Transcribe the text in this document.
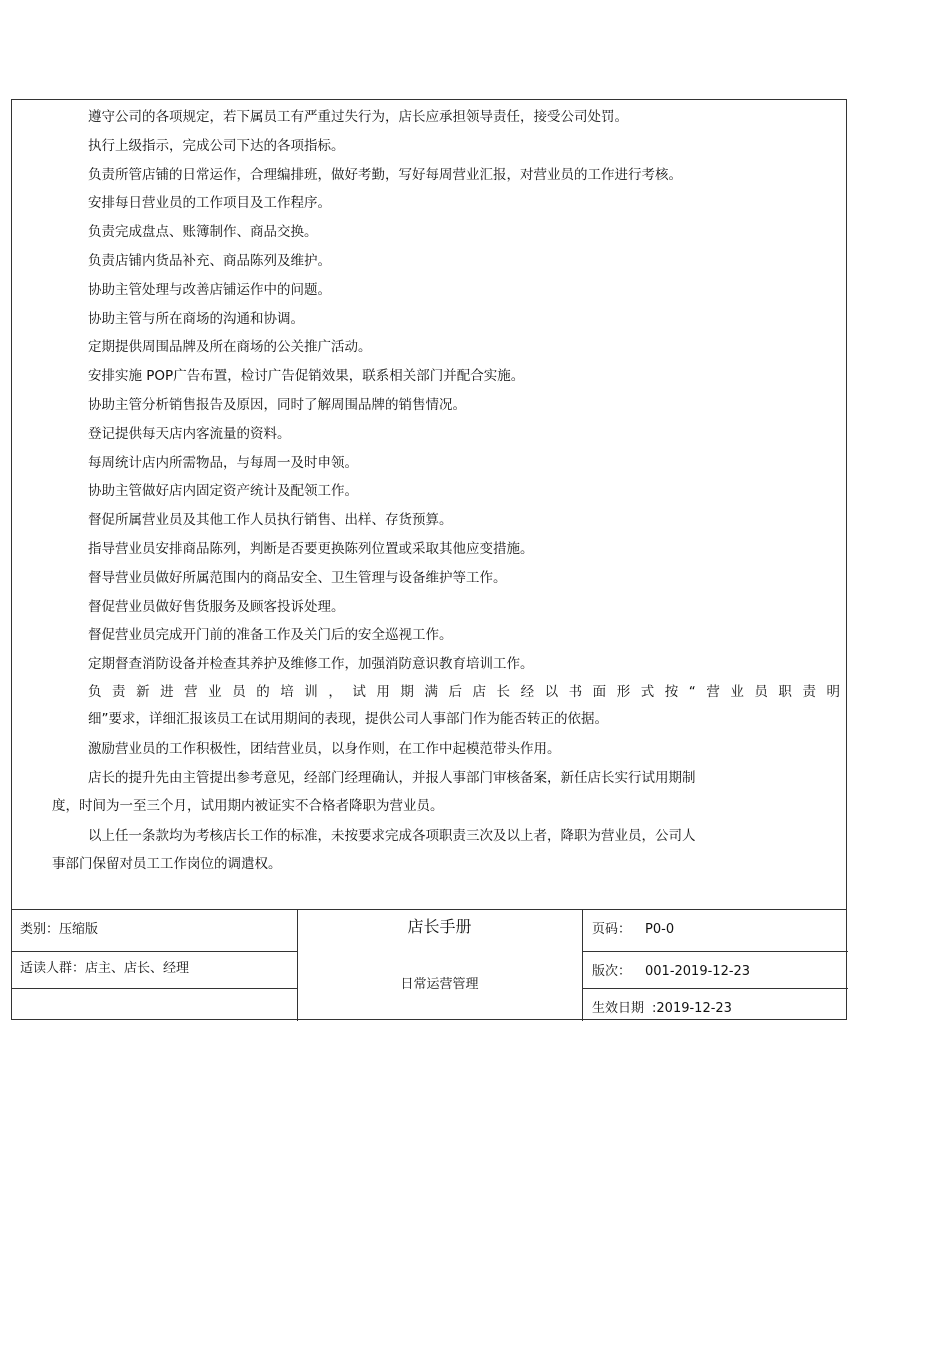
遵守公司的各项规定，若下属员工有严重过失行为，店长应承担领导责任，接受公司处罚。
执行上级指示，完成公司下达的各项指标。
负责所管店铺的日常运作，合理编排班，做好考勤，写好每周营业汇报，对营业员的工作进行考核。
安排每日营业员的工作项目及工作程序。
负责完成盘点、账簿制作、商品交换。
负责店铺内货品补充、商品陈列及维护。
协助主管处理与改善店铺运作中的问题。
协助主管与所在商场的沟通和协调。
定期提供周围品牌及所在商场的公关推广活动。
安排实施 POP广告布置，检讨广告促销效果，联系相关部门并配合实施。
协助主管分析销售报告及原因，同时了解周围品牌的销售情况。
登记提供每天店内客流量的资料。
每周统计店内所需物品，与每周一及时申领。
协助主管做好店内固定资产统计及配领工作。
督促所属营业员及其他工作人员执行销售、出样、存货预算。
指导营业员安排商品陈列，判断是否要更换陈列位置或采取其他应变措施。
督导营业员做好所属范围内的商品安全、卫生管理与设备维护等工作。
督促营业员做好售货服务及顾客投诉处理。
督促营业员完成开门前的准备工作及关门后的安全巡视工作。
定期督查消防设备并检查其养护及维修工作，加强消防意识教育培训工作。
负 责 新 进 营 业 员 的 培 训 ， 试 用 期 满 后 店 长 经 以 书 面 形 式 按 “ 营 业 员 职 责 明
细”要求，详细汇报该员工在试用期间的表现，提供公司人事部门作为能否转正的依据。
激励营业员的工作积极性，团结营业员，以身作则，在工作中起模范带头作用。
店长的提升先由主管提出参考意见，经部门经理确认，并报人事部门审核备案，新任店长实行试用期制
度，时间为一至三个月，试用期内被证实不合格者降职为营业员。
以上任一条款均为考核店长工作的标准，未按要求完成各项职责三次及以上者，降职为营业员，公司人
事部门保留对员工工作岗位的调遣权。
类别：压缩版
适读人群：店主、店长、经理
店长手册
日常运营管理
页码： P0-0
版次： 001-2019-12-23
生效日期 :2019-12-23
